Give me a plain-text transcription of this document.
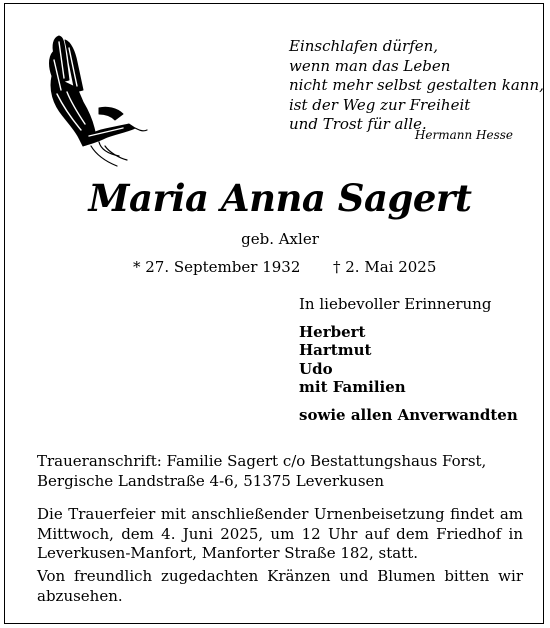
Einschlafen dürfen,
wenn man das Leben
nicht mehr selbst gestalten kann,
ist der Weg zur Freiheit
und Trost für alle.
Hermann Hesse
Maria Anna Sagert
geb. Axler
* 27. September 1932 † 2. Mai 2025
In liebevoller Erinnerung
Herbert
Hartmut
Udo
mit Familien
sowie allen Anverwandten
Traueranschrift: Familie Sagert c/o Bestattungshaus Forst,
Bergische Landstraße 4-6, 51375 Leverkusen
Die Trauerfeier mit anschließender Urnenbeisetzung findet am
Mittwoch, dem 4. Juni 2025, um 12 Uhr auf dem Friedhof in
Leverkusen-Manfort, Manforter Straße 182, statt.
Von freundlich zugedachten Kränzen und Blumen bitten wir
abzusehen.
